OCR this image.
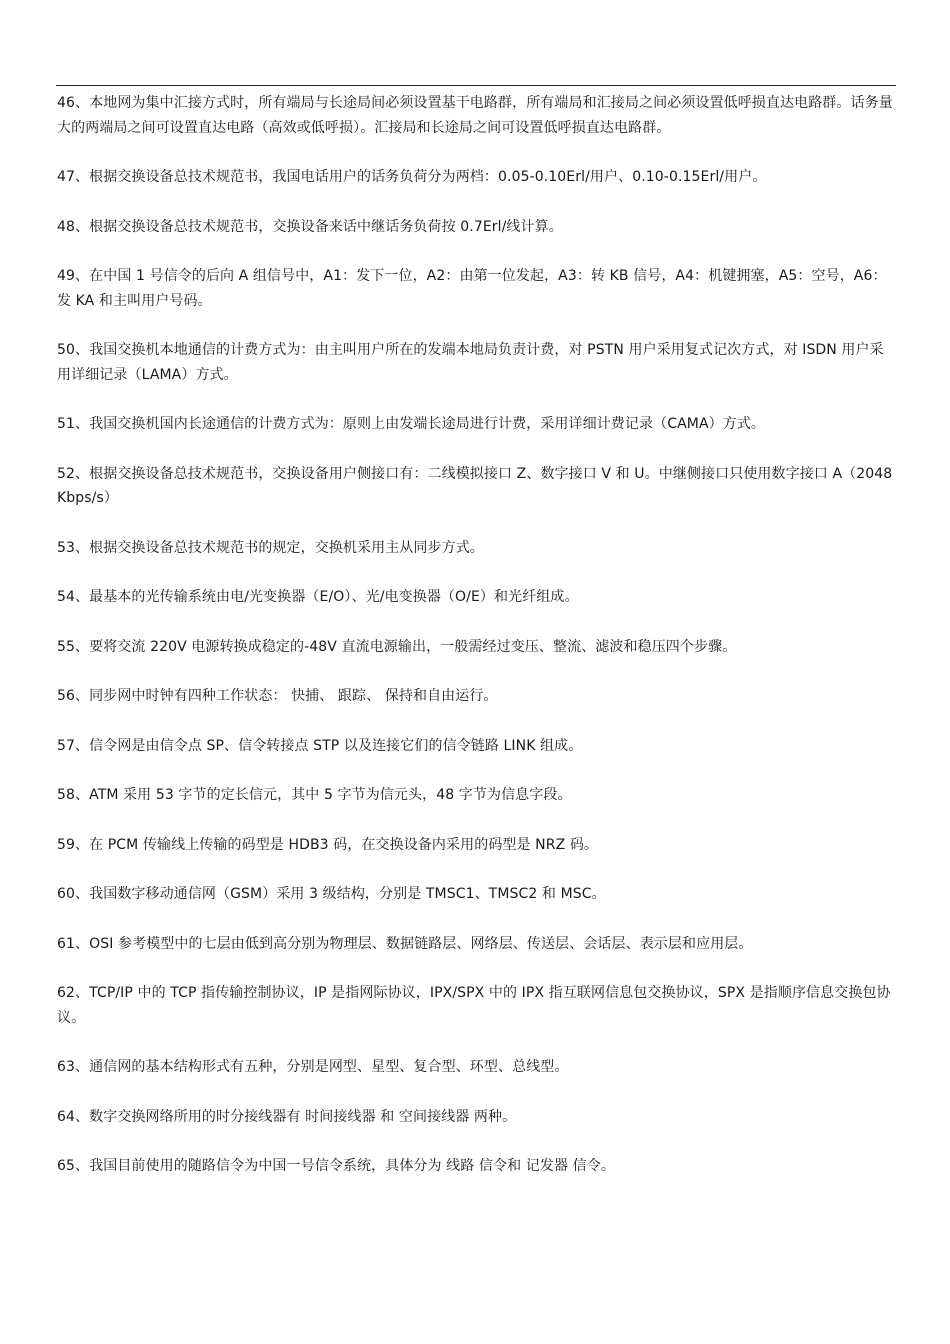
46、本地网为集中汇接方式时，所有端局与长途局间必须设置基干电路群，所有端局和汇接局之间必须设置低呼损直达电路群。话务量大的两端局之间可设置直达电路（高效或低呼损）。汇接局和长途局之间可设置低呼损直达电路群。

47、根据交换设备总技术规范书，我国电话用户的话务负荷分为两档：0.05-0.10Erl/用户、0.10-0.15Erl/用户。

48、根据交换设备总技术规范书，交换设备来话中继话务负荷按 0.7Erl/线计算。

49、在中国 1 号信令的后向 A 组信号中，A1：发下一位，A2：由第一位发起，A3：转 KB 信号，A4：机键拥塞，A5：空号，A6：发 KA 和主叫用户号码。

50、我国交换机本地通信的计费方式为：由主叫用户所在的发端本地局负责计费，对 PSTN 用户采用复式记次方式，对 ISDN 用户采用详细记录（LAMA）方式。

51、我国交换机国内长途通信的计费方式为：原则上由发端长途局进行计费，采用详细计费记录（CAMA）方式。

52、根据交换设备总技术规范书，交换设备用户侧接口有：二线模拟接口 Z、数字接口 V 和 U。中继侧接口只使用数字接口 A（2048Kbps/s）

53、根据交换设备总技术规范书的规定，交换机采用主从同步方式。

54、最基本的光传输系统由电/光变换器（E/O）、光/电变换器（O/E）和光纤组成。

55、要将交流 220V 电源转换成稳定的-48V 直流电源输出，一般需经过变压、整流、滤波和稳压四个步骤。

56、同步网中时钟有四种工作状态： 快捕、 跟踪、 保持和自由运行。

57、信令网是由信令点 SP、信令转接点 STP 以及连接它们的信令链路 LINK 组成。

58、ATM 采用 53 字节的定长信元，其中 5 字节为信元头，48 字节为信息字段。

59、在 PCM 传输线上传输的码型是 HDB3 码，在交换设备内采用的码型是 NRZ 码。

60、我国数字移动通信网（GSM）采用 3 级结构，分别是 TMSC1、TMSC2 和 MSC。

61、OSI 参考模型中的七层由低到高分别为物理层、数据链路层、网络层、传送层、会话层、表示层和应用层。

62、TCP/IP 中的 TCP 指传输控制协议，IP 是指网际协议，IPX/SPX 中的 IPX 指互联网信息包交换协议，SPX 是指顺序信息交换包协议。

63、通信网的基本结构形式有五种，分别是网型、星型、复合型、环型、总线型。

64、数字交换网络所用的时分接线器有 时间接线器 和 空间接线器 两种。

65、我国目前使用的随路信令为中国一号信令系统，具体分为 线路 信令和 记发器 信令。
